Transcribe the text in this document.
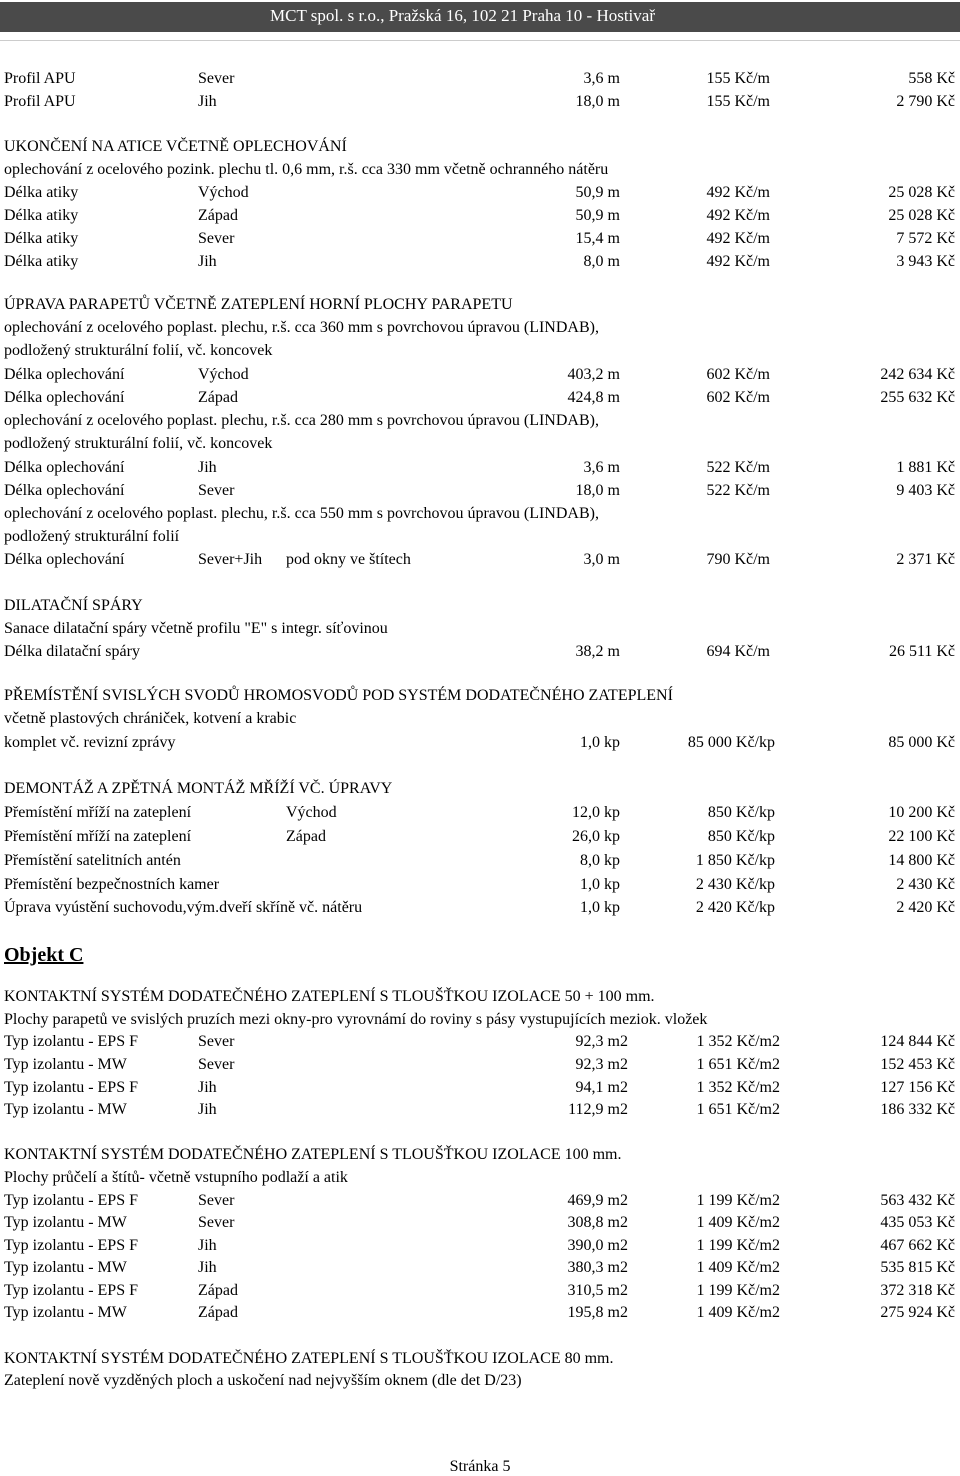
MCT spol. s r.o., Pražská 16, 102 21 Praha 10 - Hostivař
Profil APU	Sever	3,6 m	155 Kč/m	558 Kč
Profil APU	Jih	18,0 m	155 Kč/m	2 790 Kč
UKONČENÍ NA ATICE VČETNĚ OPLECHOVÁNÍ
oplechování z ocelového pozink. plechu tl. 0,6 mm, r.š. cca 330 mm včetně ochranného nátěru
Délka atiky	Východ	50,9 m	492 Kč/m	25 028 Kč
Délka atiky	Západ	50,9 m	492 Kč/m	25 028 Kč
Délka atiky	Sever	15,4 m	492 Kč/m	7 572 Kč
Délka atiky	Jih	8,0 m	492 Kč/m	3 943 Kč
ÚPRAVA PARAPETŮ VČETNĚ ZATEPLENÍ HORNÍ PLOCHY PARAPETU
oplechování z ocelového poplast. plechu, r.š. cca 360 mm s povrchovou úpravou (LINDAB),
podložený strukturální folií, vč. koncovek
Délka oplechování	Východ	403,2 m	602 Kč/m	242 634 Kč
Délka oplechování	Západ	424,8 m	602 Kč/m	255 632 Kč
oplechování z ocelového poplast. plechu, r.š. cca 280 mm s povrchovou úpravou (LINDAB),
podložený strukturální folií, vč. koncovek
Délka oplechování	Jih	3,6 m	522 Kč/m	1 881 Kč
Délka oplechování	Sever	18,0 m	522 Kč/m	9 403 Kč
oplechování z ocelového poplast. plechu, r.š. cca 550 mm s povrchovou úpravou (LINDAB),
podložený strukturální folií
Délka oplechování	Sever+Jih pod okny ve štítech	3,0 m	790 Kč/m	2 371 Kč
DILATAČNÍ SPÁRY
Sanace dilatační spáry včetně profilu "E" s integr. síťovinou
Délka dilatační spáry	38,2 m	694 Kč/m	26 511 Kč
PŘEMÍSTĚNÍ SVISLÝCH SVODŮ HROMOSVODŮ POD SYSTÉM DODATEČNÉHO ZATEPLENÍ
včetně plastových chrániček, kotvení a krabic
komplet vč. revizní zprávy	1,0 kp	85 000 Kč/kp	85 000 Kč
DEMONTÁŽ A ZPĚTNÁ MONTÁŽ MŘÍŽÍ VČ. ÚPRAVY
Přemístění mříží na zateplení	Východ	12,0 kp	850 Kč/kp	10 200 Kč
Přemístění mříží na zateplení	Západ	26,0 kp	850 Kč/kp	22 100 Kč
Přemístění satelitních antén	8,0 kp	1 850 Kč/kp	14 800 Kč
Přemístění bezpečnostních kamer	1,0 kp	2 430 Kč/kp	2 430 Kč
Úprava vyústění suchovodu,vým.dveří skříně vč. nátěru	1,0 kp	2 420 Kč/kp	2 420 Kč
Objekt C
KONTAKTNÍ SYSTÉM DODATEČNÉHO ZATEPLENÍ S TLOUŠŤKOU IZOLACE 50 + 100 mm.
Plochy parapetů ve svislých pruzích mezi okny-pro vyrovnámí do roviny s pásy vystupujících meziok. vložek
Typ izolantu - EPS F	Sever	92,3 m2	1 352 Kč/m2	124 844 Kč
Typ izolantu - MW	Sever	92,3 m2	1 651 Kč/m2	152 453 Kč
Typ izolantu - EPS F	Jih	94,1 m2	1 352 Kč/m2	127 156 Kč
Typ izolantu - MW	Jih	112,9 m2	1 651 Kč/m2	186 332 Kč
KONTAKTNÍ SYSTÉM DODATEČNÉHO ZATEPLENÍ S TLOUŠŤKOU IZOLACE 100 mm.
Plochy průčelí a štítů- včetně vstupního podlaží a atik
Typ izolantu - EPS F	Sever	469,9 m2	1 199 Kč/m2	563 432 Kč
Typ izolantu - MW	Sever	308,8 m2	1 409 Kč/m2	435 053 Kč
Typ izolantu - EPS F	Jih	390,0 m2	1 199 Kč/m2	467 662 Kč
Typ izolantu - MW	Jih	380,3 m2	1 409 Kč/m2	535 815 Kč
Typ izolantu - EPS F	Západ	310,5 m2	1 199 Kč/m2	372 318 Kč
Typ izolantu - MW	Západ	195,8 m2	1 409 Kč/m2	275 924 Kč
KONTAKTNÍ SYSTÉM DODATEČNÉHO ZATEPLENÍ S TLOUŠŤKOU IZOLACE 80 mm.
Zateplení nově vyzděných ploch a uskočení nad nejvyšším oknem (dle det D/23)
Stránka 5
